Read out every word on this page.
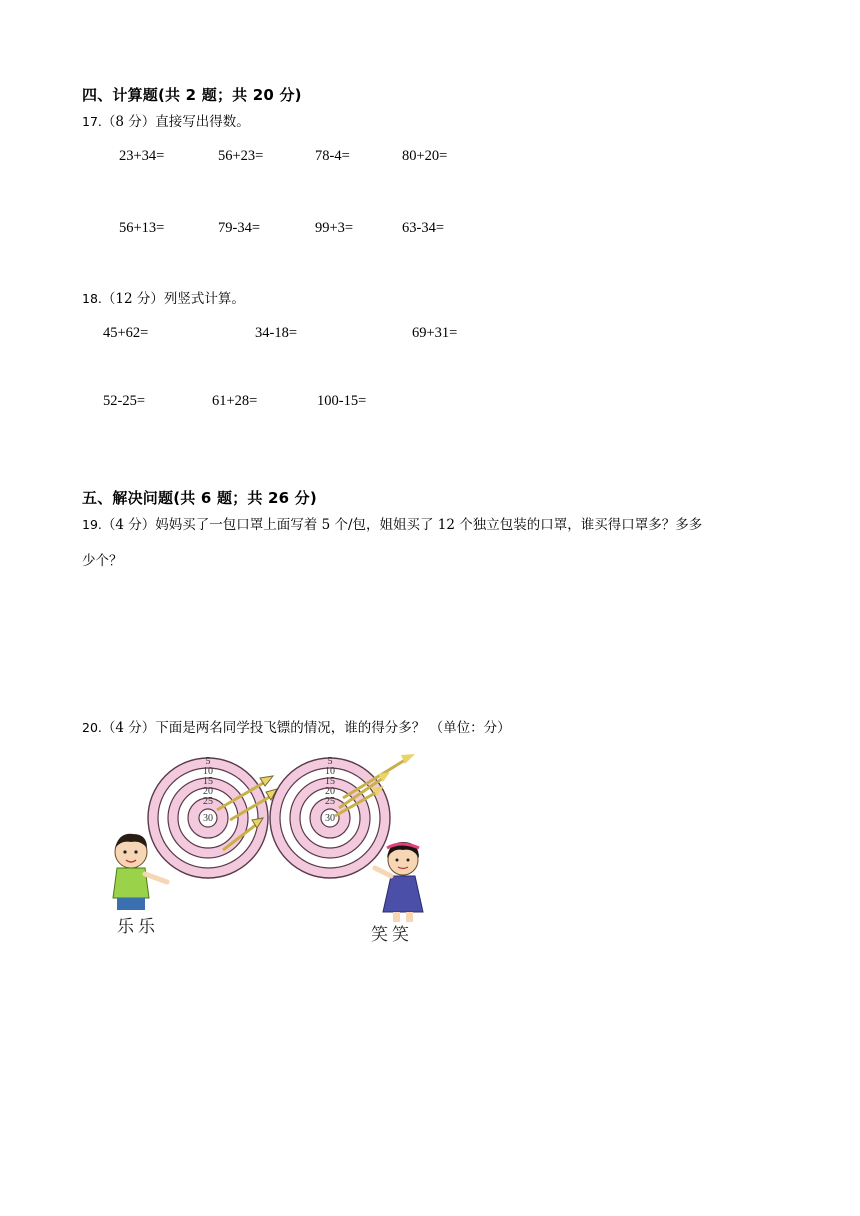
四、计算题(共 2 题；共 20 分)
17.（8 分）直接写出得数。
23+34=	56+23=	78-4=	80+20=
56+13=	79-34=	99+3=	63-34=
18.（12 分）列竖式计算。
45+62=	34-18=	69+31=
52-25=	61+28=	100-15=
五、解决问题(共 6 题；共 26 分)
19.（4 分）妈妈买了一包口罩上面写着 5 个/包，姐姐买了 12 个独立包装的口罩，谁买得口罩多？多多
少个？
20.（4 分）下面是两名同学投飞镖的情况，谁的得分多？ （单位：分）
5
10
15
20
25
30
5
10
15
20
25
30
乐乐	笑笑
